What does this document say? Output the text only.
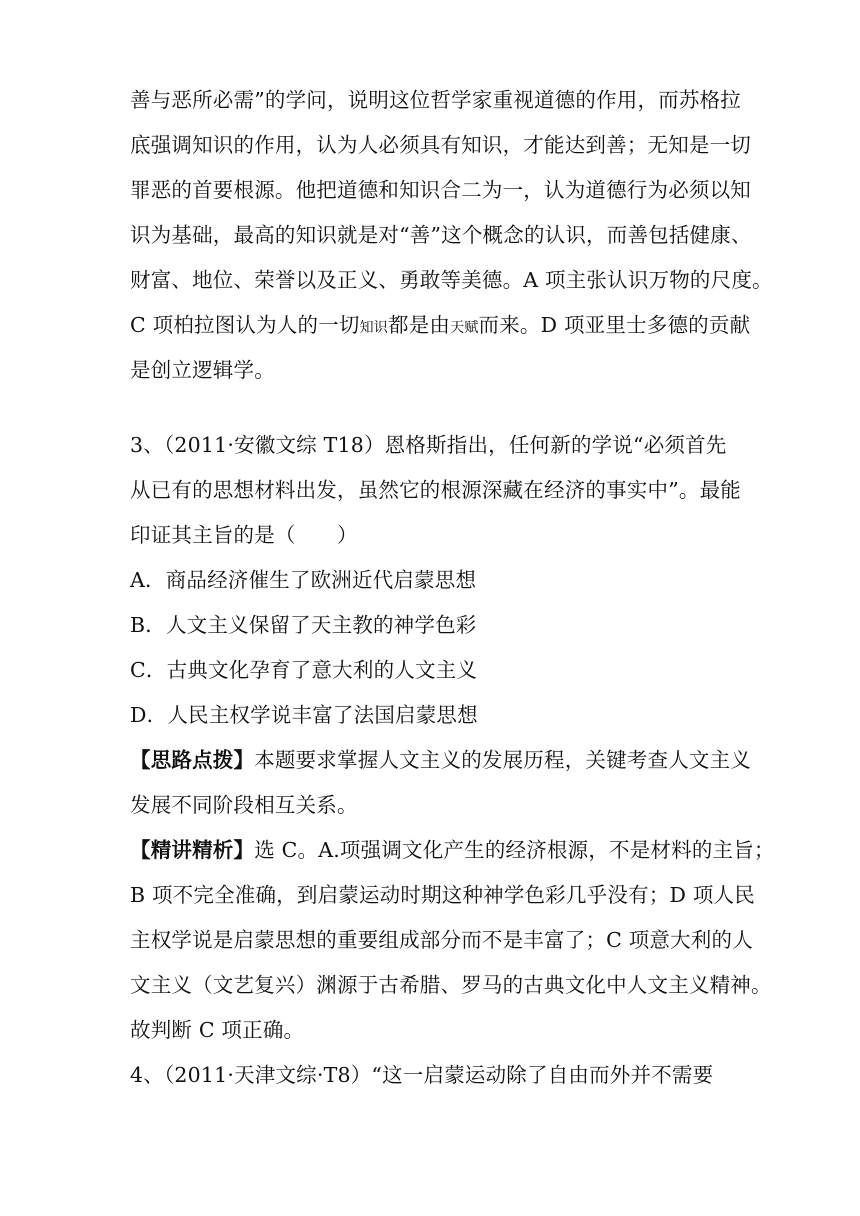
善与恶所必需”的学问，说明这位哲学家重视道德的作用，而苏格拉
底强调知识的作用，认为人必须具有知识，才能达到善；无知是一切
罪恶的首要根源。他把道德和知识合二为一，认为道德行为必须以知
识为基础，最高的知识就是对“善”这个概念的认识，而善包括健康、
财富、地位、荣誉以及正义、勇敢等美德。A 项主张认识万物的尺度。
C 项柏拉图认为人的一切知识都是由天赋而来。D 项亚里士多德的贡献
是创立逻辑学。
3、（2011·安徽文综 T18）恩格斯指出，任何新的学说“必须首先
从已有的思想材料出发，虽然它的根源深藏在经济的事实中”。最能
印证其主旨的是（　　）
A．商品经济催生了欧洲近代启蒙思想
B．人文主义保留了天主教的神学色彩
C．古典文化孕育了意大利的人文主义
D．人民主权学说丰富了法国启蒙思想
【思路点拨】本题要求掌握人文主义的发展历程，关键考查人文主义
发展不同阶段相互关系。
【精讲精析】选 C。A.项强调文化产生的经济根源，不是材料的主旨；
B 项不完全准确，到启蒙运动时期这种神学色彩几乎没有；D 项人民
主权学说是启蒙思想的重要组成部分而不是丰富了；C 项意大利的人
文主义（文艺复兴）渊源于古希腊、罗马的古典文化中人文主义精神。
故判断 C 项正确。
4、（2011·天津文综·T8）“这一启蒙运动除了自由而外并不需要
